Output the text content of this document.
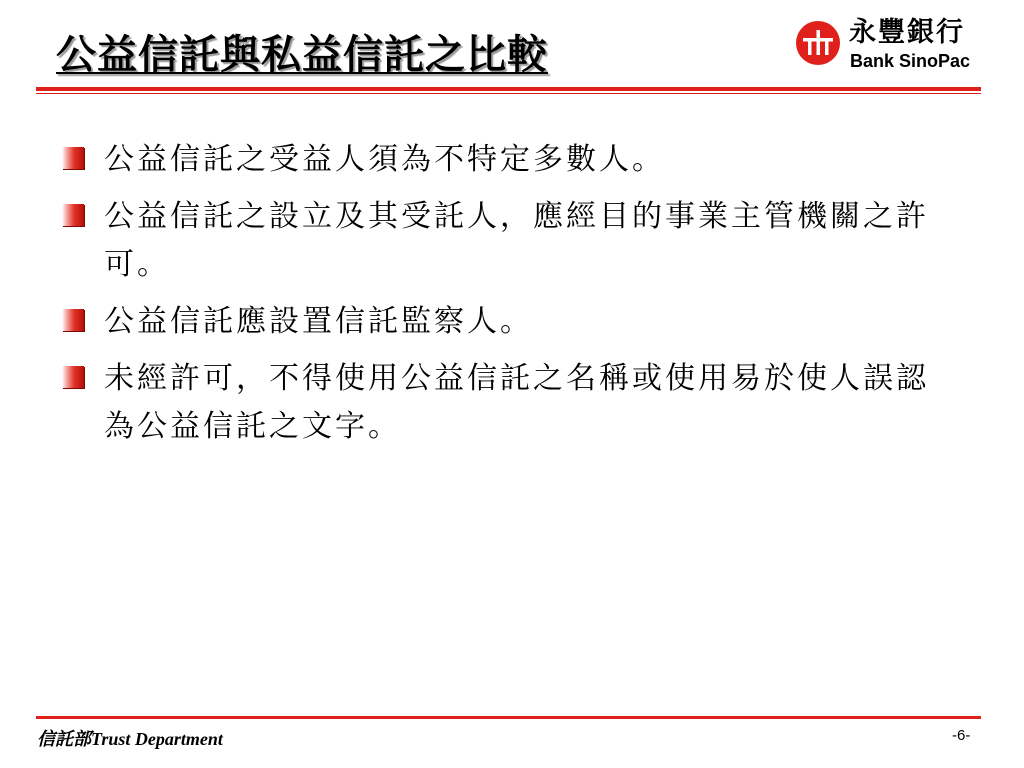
公益信託與私益信託之比較	永豐銀行
Bank SinoPac
公益信託之受益人須為不特定多數人。
公益信託之設立及其受託人，應經目的事業主管機關之許可。
公益信託應設置信託監察人。
未經許可，不得使用公益信託之名稱或使用易於使人誤認為公益信託之文字。
信託部Trust Department	-6-
